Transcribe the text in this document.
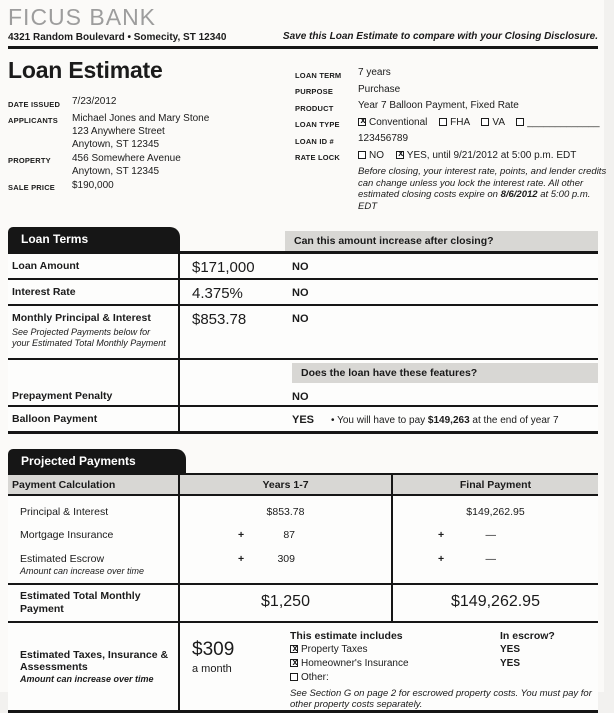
FICUS BANK
4321 Random Boulevard • Somecity, ST 12340	Save this Loan Estimate to compare with your Closing Disclosure.
Loan Estimate
DATE ISSUED	7/23/2012
APPLICANTS	Michael Jones and Mary Stone
123 Anywhere Street
Anytown, ST 12345
PROPERTY	456 Somewhere Avenue
Anytown, ST 12345
SALE PRICE	$190,000
LOAN TERM	7 years
PURPOSE	Purchase
PRODUCT	Year 7 Balloon Payment, Fixed Rate
LOAN TYPE x	Conventional FHA VA _____________
LOAN ID #	123456789
RATE LOCK	NO x YES, until 9/21/2012 at 5:00 p.m. EDT
Before closing, your interest rate, points, and lender credits can change unless you lock the interest rate. All other estimated closing costs expire on 8/6/2012 at 5:00 p.m. EDT
Loan Terms	Can this amount increase after closing?
Loan Amount	$171,000	NO
Interest Rate	4.375%	NO
Monthly Principal & Interest
See Projected Payments below for your Estimated Total Monthly Payment
$853.78	NO
Does the loan have these features?
Prepayment Penalty	NO
Balloon Payment	YES • You will have to pay $149,263 at the end of year 7
Projected Payments
Payment Calculation	Years 1-7	Final Payment
Principal & Interest	$853.78	$149,262.95
Mortgage Insurance	+	87	+	—
Estimated Escrow
Amount can increase over time
+	309	+	—
Estimated Total Monthly Payment	$1,250	$149,262.95
Estimated Taxes, Insurance & Assessments
Amount can increase over time
$309
a month
This estimate includes	In escrow?
xProperty Taxes	YES
xHomeowner's Insurance	YES
Other:
See Section G on page 2 for escrowed property costs. You must pay for other property costs separately.
